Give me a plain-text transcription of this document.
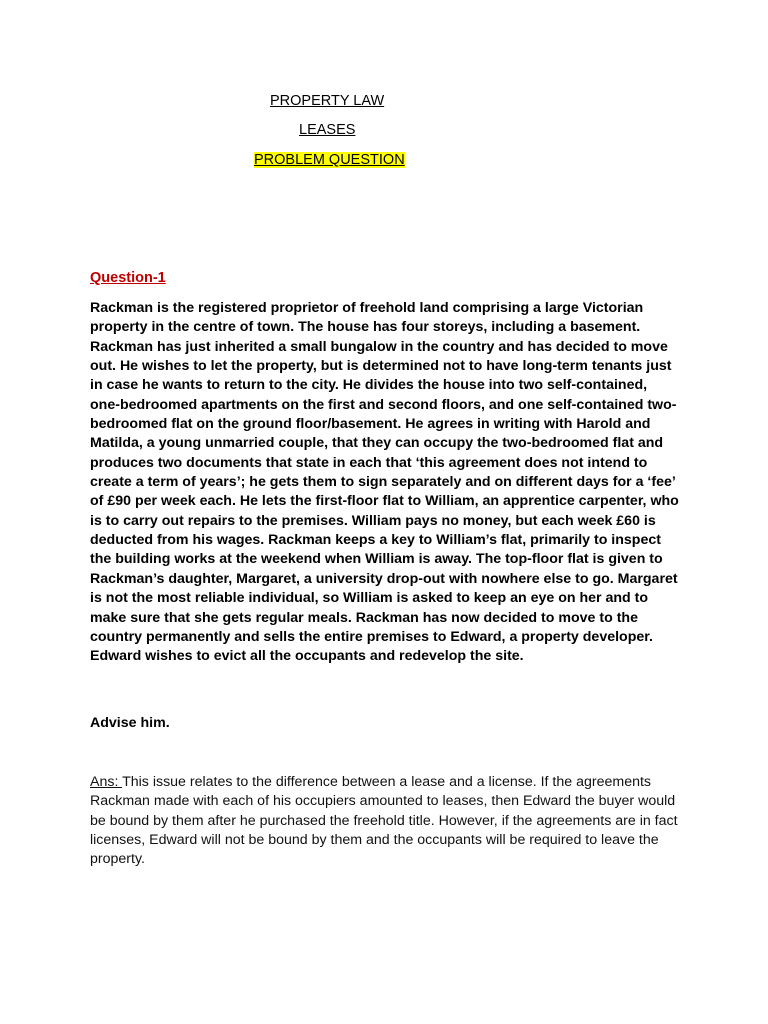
PROPERTY LAW
LEASES
PROBLEM QUESTION
Question-1

Rackman is the registered proprietor of freehold land comprising a large Victorian property in the centre of town. The house has four storeys, including a basement. Rackman has just inherited a small bungalow in the country and has decided to move out. He wishes to let the property, but is determined not to have long-term tenants just in case he wants to return to the city. He divides the house into two self-contained, one-bedroomed apartments on the first and second floors, and one self-contained two-bedroomed flat on the ground floor/basement. He agrees in writing with Harold and Matilda, a young unmarried couple, that they can occupy the two-bedroomed flat and produces two documents that state in each that ‘this agreement does not intend to create a term of years’; he gets them to sign separately and on different days for a ‘fee’ of £90 per week each. He lets the first-floor flat to William, an apprentice carpenter, who is to carry out repairs to the premises. William pays no money, but each week £60 is deducted from his wages. Rackman keeps a key to William’s flat, primarily to inspect the building works at the weekend when William is away. The top-floor flat is given to Rackman’s daughter, Margaret, a university drop-out with nowhere else to go. Margaret is not the most reliable individual, so William is asked to keep an eye on her and to make sure that she gets regular meals. Rackman has now decided to move to the country permanently and sells the entire premises to Edward, a property developer. Edward wishes to evict all the occupants and redevelop the site.

Advise him.

Ans: This issue relates to the difference between a lease and a license. If the agreements Rackman made with each of his occupiers amounted to leases, then Edward the buyer would be bound by them after he purchased the freehold title. However, if the agreements are in fact licenses, Edward will not be bound by them and the occupants will be required to leave the property.
